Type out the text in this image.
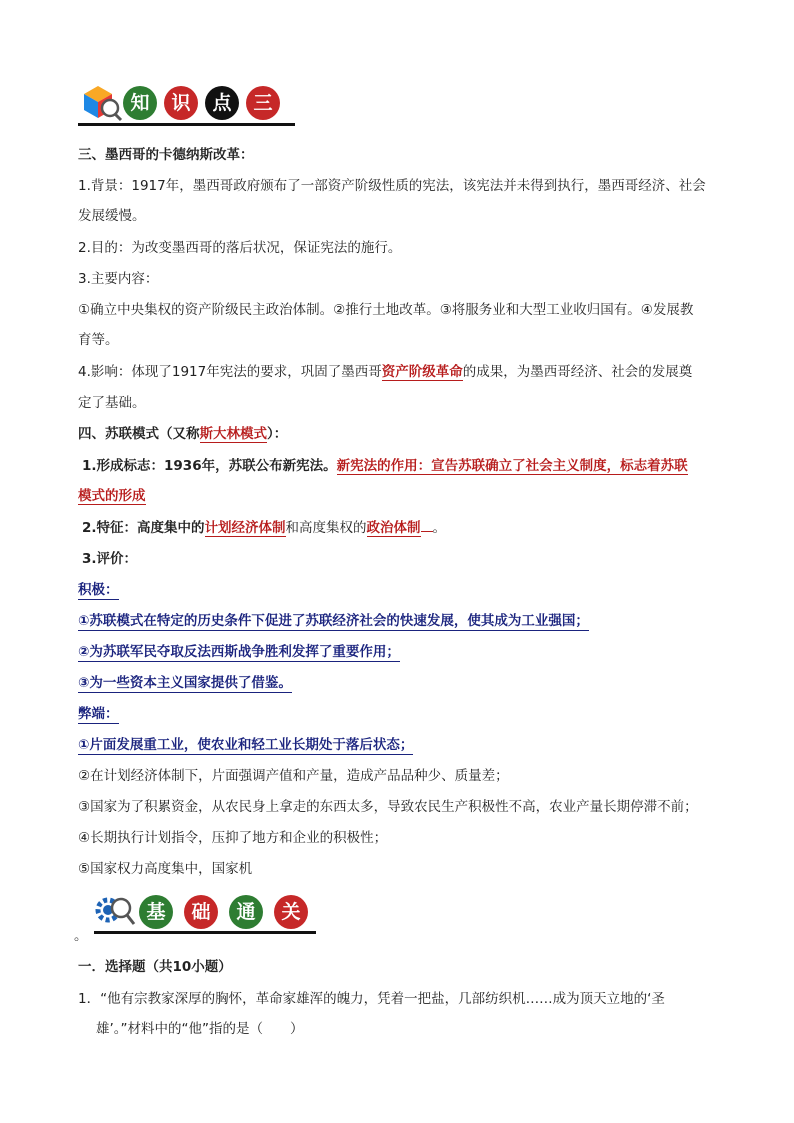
知	识	点	三
三、墨西哥的卡德纳斯改革：
1.背景：1917年，墨西哥政府颁布了一部资产阶级性质的宪法，该宪法并未得到执行，墨西哥经济、社会
发展缓慢。
2.目的：为改变墨西哥的落后状况，保证宪法的施行。
3.主要内容：
①确立中央集权的资产阶级民主政治体制。②推行土地改革。③将服务业和大型工业收归国有。④发展教
育等。
4.影响：体现了1917年宪法的要求，巩固了墨西哥资产阶级革命的成果，为墨西哥经济、社会的发展奠
定了基础。
四、苏联模式（又称斯大林模式）：
1.形成标志：1936年，苏联公布新宪法。新宪法的作用：宣告苏联确立了社会主义制度，标志着苏联
模式的形成
2.特征：高度集中的计划经济体制和高度集权的政治体制 。
3.评价：
积极：
①苏联模式在特定的历史条件下促进了苏联经济社会的快速发展，使其成为工业强国；
②为苏联军民夺取反法西斯战争胜利发挥了重要作用；
③为一些资本主义国家提供了借鉴。
弊端：
①片面发展重工业，使农业和轻工业长期处于落后状态；
②在计划经济体制下，片面强调产值和产量，造成产品品种少、质量差；
③国家为了积累资金，从农民身上拿走的东西太多，导致农民生产积极性不高，农业产量长期停滞不前；
④长期执行计划指令，压抑了地方和企业的积极性；
⑤国家权力高度集中，国家机
基	础	通	关
。
一．选择题（共10小题）
1．“他有宗教家深厚的胸怀，革命家雄浑的魄力，凭着一把盐，几部纺织机……成为顶天立地的‘圣
雄’。”材料中的“他”指的是（　　）
